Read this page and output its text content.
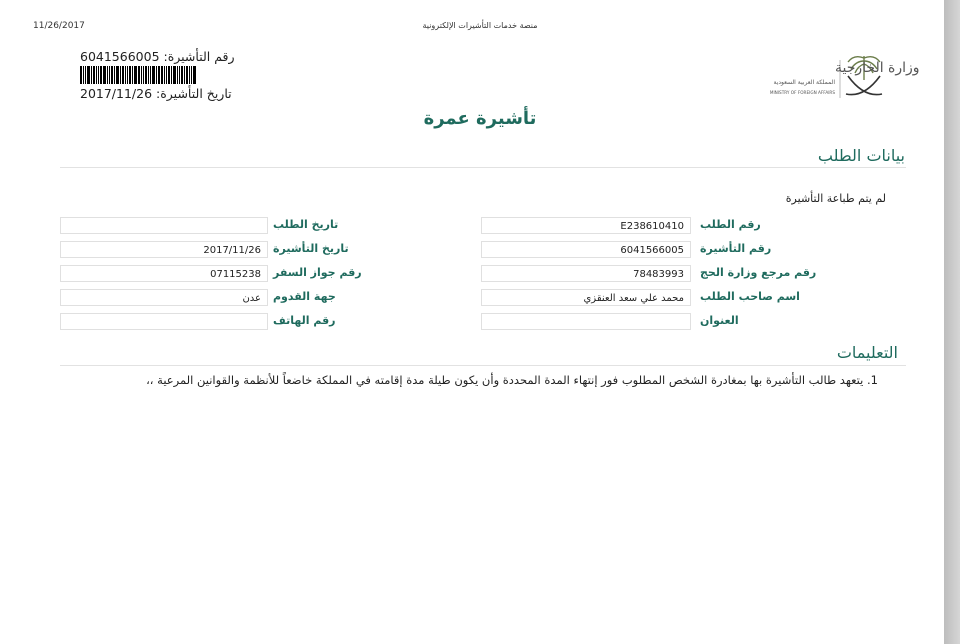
11/26/2017	منصة خدمات التأشيرات الإلكترونية
رقم التأشيرة: 6041566005
تاريخ التأشيرة: 2017/11/26
وزارة الخارجية
المملكة العربية السعودية
MINISTRY OF FOREIGN AFFAIRS
تأشيرة عمرة
بيانات الطلب
لم يتم طباعة التأشيرة
رقم الطلب
E238610410
رقم التأشيرة
6041566005
رقم مرجع وزارة الحج
78483993
اسم صاحب الطلب
محمد علي سعد العنقزي
العنوان
تاريخ الطلب
تاريخ التأشيرة
2017/11/26
رقم جواز السفر
07115238
جهة القدوم
عدن
رقم الهاتف
التعليمات
1. يتعهد طالب التأشيرة بها بمغادرة الشخص المطلوب فور إنتهاء المدة المحددة وأن يكون طيلة مدة إقامته في المملكة خاضعاً للأنظمة والقوانين المرعية ،،
